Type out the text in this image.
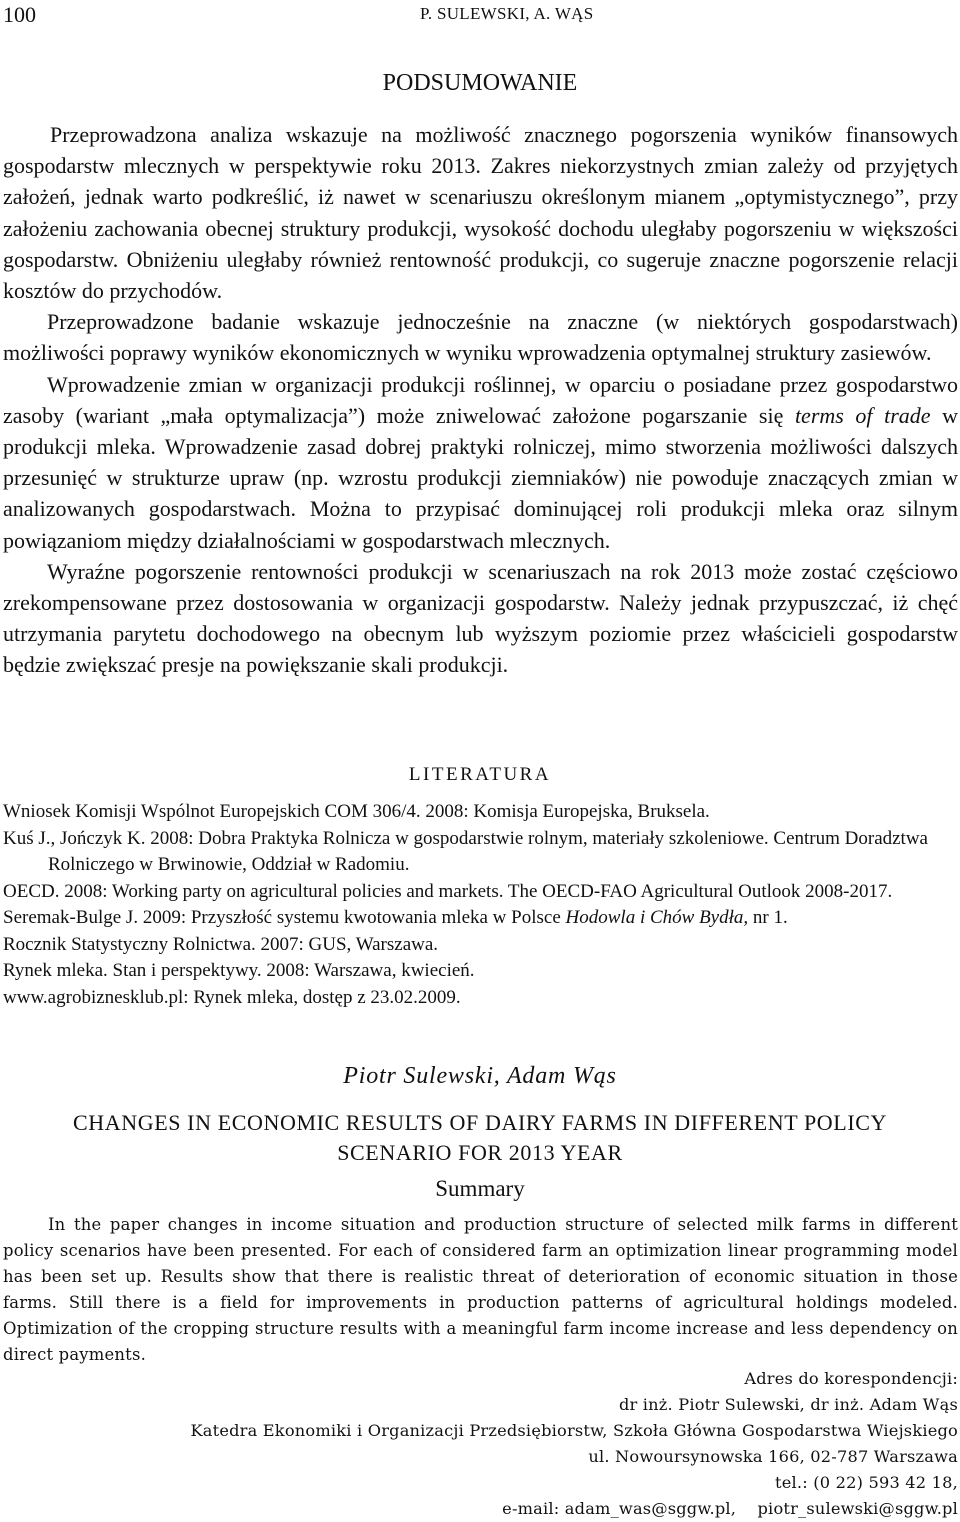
100	P. SULEWSKI, A. WĄS
PODSUMOWANIE

Przeprowadzona analiza wskazuje na możliwość znacznego pogorszenia wyników finansowych gospodarstw mlecznych w perspektywie roku 2013. Zakres niekorzystnych zmian zależy od przyjętych założeń, jednak warto podkreślić, iż nawet w scenariuszu określonym mianem „optymistycznego”, przy założeniu zachowania obecnej struktury produkcji, wysokość dochodu uległaby pogorszeniu w większości gospodarstw. Obniżeniu uległaby również rentowność produkcji, co sugeruje znaczne pogorszenie relacji kosztów do przychodów.

Przeprowadzone badanie wskazuje jednocześnie na znaczne (w niektórych gospodarstwach) możliwości poprawy wyników ekonomicznych w wyniku wprowadzenia optymalnej struktury zasiewów.

Wprowadzenie zmian w organizacji produkcji roślinnej, w oparciu o posiadane przez gospodarstwo zasoby (wariant „mała optymalizacja”) może zniwelować założone pogarszanie się terms of trade w produkcji mleka. Wprowadzenie zasad dobrej praktyki rolniczej, mimo stworzenia możliwości dalszych przesunięć w strukturze upraw (np. wzrostu produkcji ziemniaków) nie powoduje znaczących zmian w analizowanych gospodarstwach. Można to przypisać dominującej roli produkcji mleka oraz silnym powiązaniom między działalnościami w gospodarstwach mlecznych.

Wyraźne pogorszenie rentowności produkcji w scenariuszach na rok 2013 może zostać częściowo zrekompensowane przez dostosowania w organizacji gospodarstw. Należy jednak przypuszczać, iż chęć utrzymania parytetu dochodowego na obecnym lub wyższym poziomie przez właścicieli gospodarstw będzie zwiększać presje na powiększanie skali produkcji.

LITERATURA
Wniosek Komisji Wspólnot Europejskich COM 306/4. 2008: Komisja Europejska, Bruksela.
Kuś J., Jończyk K. 2008: Dobra Praktyka Rolnicza w gospodarstwie rolnym, materiały szkoleniowe. Centrum Doradztwa Rolniczego w Brwinowie, Oddział w Radomiu.
OECD. 2008: Working party on agricultural policies and markets. The OECD-FAO Agricultural Outlook 2008-2017.
Seremak-Bulge J. 2009: Przyszłość systemu kwotowania mleka w Polsce Hodowla i Chów Bydła, nr 1.
Rocznik Statystyczny Rolnictwa. 2007: GUS, Warszawa.
Rynek mleka. Stan i perspektywy. 2008: Warszawa, kwiecień.
www.agrobiznesklub.pl: Rynek mleka, dostęp z 23.02.2009.
Piotr Sulewski, Adam Wąs
CHANGES IN ECONOMIC RESULTS OF DAIRY FARMS IN DIFFERENT POLICY
SCENARIO FOR 2013 YEAR
Summary

In the paper changes in income situation and production structure of selected milk farms in different policy scenarios have been presented. For each of considered farm an optimization linear programming model has been set up. Results show that there is realistic threat of deterioration of economic situation in those farms. Still there is a field for improvements in production patterns of agricultural holdings modeled. Optimization of the cropping structure results with a meaningful farm income increase and less dependency on direct payments.

Adres do korespondencji:
dr inż. Piotr Sulewski, dr inż. Adam Wąs
Katedra Ekonomiki i Organizacji Przedsiębiorstw, Szkoła Główna Gospodarstwa Wiejskiego
ul. Nowoursynowska 166, 02-787 Warszawa
tel.: (0 22) 593 42 18,
e-mail: adam_was@sggw.pl, piotr_sulewski@sggw.pl
